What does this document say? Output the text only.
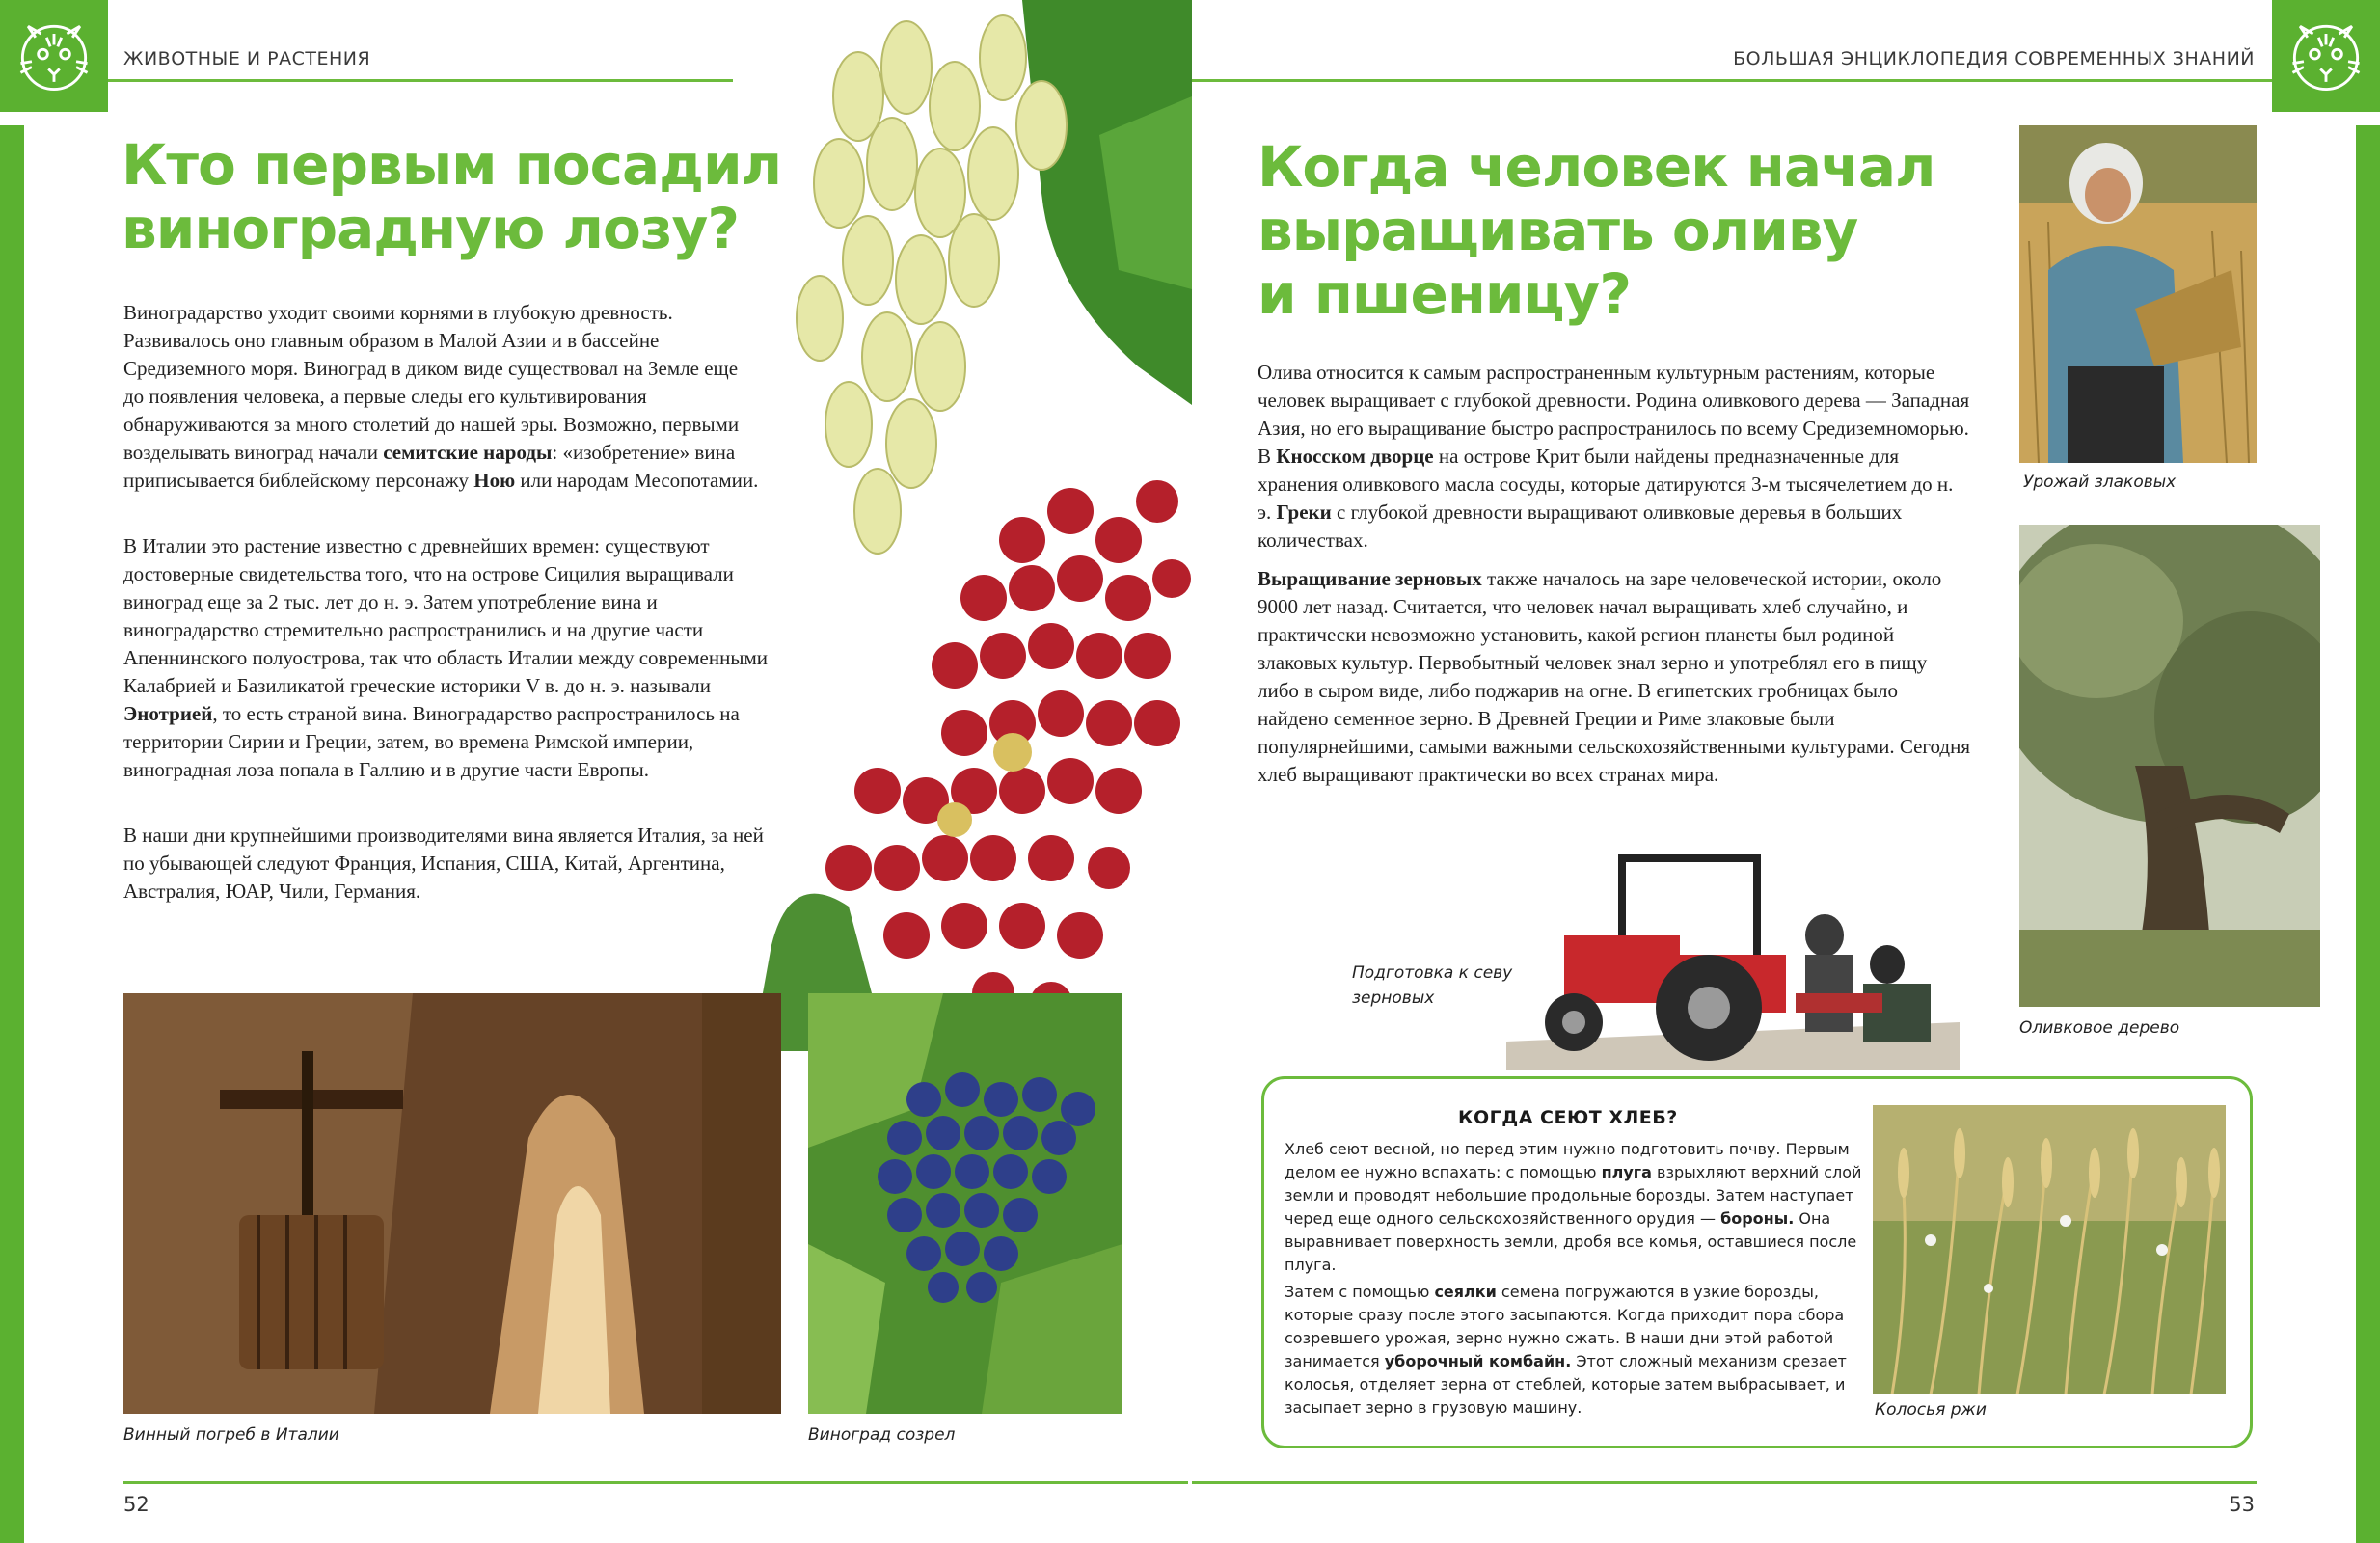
ЖИВОТНЫЕ И РАСТЕНИЯ	БОЛЬШАЯ ЭНЦИКЛОПЕДИЯ СОВРЕМЕННЫХ ЗНАНИЙ
Кто первым посадил
виноградную лозу?

Виноградарство уходит своими корнями в глубокую древность. Развивалось оно главным образом в Малой Азии и в бассейне Средиземного моря. Виноград в диком виде существовал на Земле еще до появления человека, а первые следы его культивирования обнаруживаются за много столетий до нашей эры. Возможно, первыми возделывать виноград начали семитские народы: «изобретение» вина приписывается библейскому персонажу Ною или народам Месопотамии.

В Италии это растение известно с древнейших времен: существуют достоверные свидетельства того, что на острове Сицилия выращивали виноград еще за 2 тыс. лет до н. э. Затем употребление вина и виноградарство стремительно распространились и на другие части Апеннинского полуострова, так что область Италии между современными Калабрией и Базиликатой греческие историки V в. до н. э. называли Энотрией, то есть страной вина. Виноградарство распространилось на территории Сирии и Греции, затем, во времена Римской империи, виноградная лоза попала в Галлию и в другие части Европы.

В наши дни крупнейшими производителями вина является Италия, за ней по убывающей следуют Франция, Испания, США, Китай, Аргентина, Австралия, ЮАР, Чили, Германия.

Винный погреб в Италии	Виноград созрел
Когда человек начал
выращивать оливу
и пшеницу?

Олива относится к самым распространенным культурным растениям, которые человек выращивает с глубокой древности. Родина оливкового дерева — Западная Азия, но его выращивание быстро распространилось по всему Средиземноморью. В Кносском дворце на острове Крит были найдены предназначенные для хранения оливкового масла сосуды, которые датируются 3-м тысячелетием до н. э. Греки с глубокой древности выращивают оливковые деревья в больших количествах.

Выращивание зерновых также началось на заре человеческой истории, около 9000 лет назад. Считается, что человек начал выращивать хлеб случайно, и практически невозможно установить, какой регион планеты был родиной злаковых культур. Первобытный человек знал зерно и употреблял его в пищу либо в сыром виде, либо поджарив на огне. В египетских гробницах было найдено семенное зерно. В Древней Греции и Риме злаковые были популярнейшими, самыми важными сельскохозяйственными культурами. Сегодня хлеб выращивают практически во всех странах мира.

Урожай злаковых
Оливковое дерево
Подготовка к севу
зерновых
КОГДА СЕЮТ ХЛЕБ?

Хлеб сеют весной, но перед этим нужно подготовить почву. Первым делом ее нужно вспахать: с помощью плуга взрыхляют верхний слой земли и проводят небольшие продольные борозды. Затем наступает черед еще одного сельскохозяйственного орудия — бороны. Она выравнивает поверхность земли, дробя все комья, оставшиеся после плуга.

Затем с помощью сеялки семена погружаются в узкие борозды, которые сразу после этого засыпаются. Когда приходит пора сбора созревшего урожая, зерно нужно сжать. В наши дни этой работой занимается уборочный комбайн. Этот сложный механизм срезает колосья, отделяет зерна от стеблей, которые затем выбрасывает, и засыпает зерно в грузовую машину.	Колосья ржи
52	53
